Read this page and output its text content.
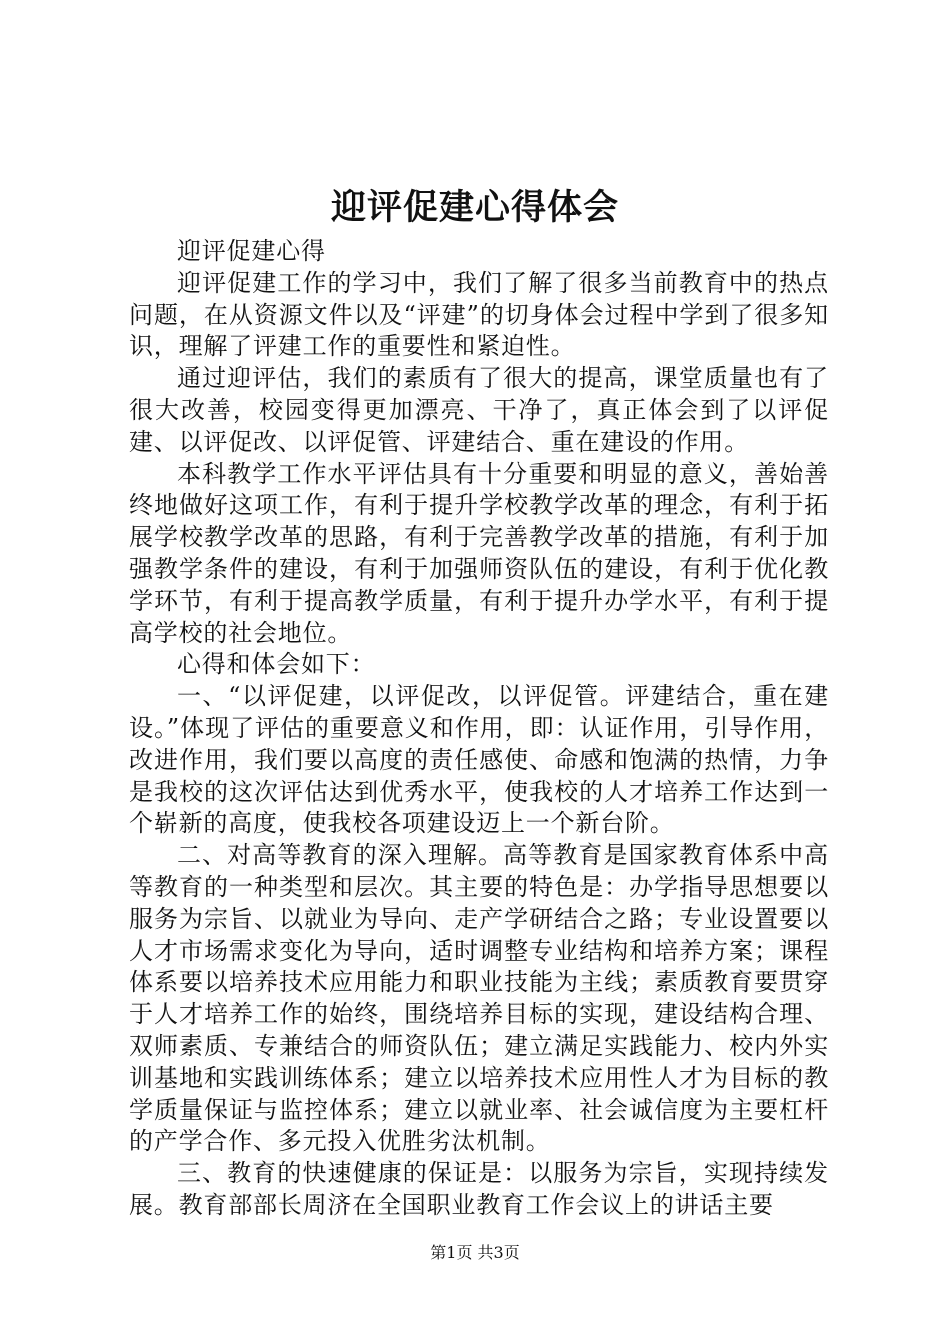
迎评促建心得体会

迎评促建心得

迎评促建工作的学习中，我们了解了很多当前教育中的热点问题，在从资源文件以及“评建”的切身体会过程中学到了很多知识，理解了评建工作的重要性和紧迫性。

通过迎评估，我们的素质有了很大的提高，课堂质量也有了很大改善，校园变得更加漂亮、干净了，真正体会到了以评促建、以评促改、以评促管、评建结合、重在建设的作用。

本科教学工作水平评估具有十分重要和明显的意义，善始善终地做好这项工作，有利于提升学校教学改革的理念，有利于拓展学校教学改革的思路，有利于完善教学改革的措施，有利于加强教学条件的建设，有利于加强师资队伍的建设，有利于优化教学环节，有利于提高教学质量，有利于提升办学水平，有利于提高学校的社会地位。

心得和体会如下：

一、“以评促建，以评促改，以评促管。评建结合，重在建设。”体现了评估的重要意义和作用，即：认证作用，引导作用，改进作用，我们要以高度的责任感使、命感和饱满的热情，力争是我校的这次评估达到优秀水平，使我校的人才培养工作达到一个崭新的高度，使我校各项建设迈上一个新台阶。

二、对高等教育的深入理解。高等教育是国家教育体系中高等教育的一种类型和层次。其主要的特色是：办学指导思想要以服务为宗旨、以就业为导向、走产学研结合之路；专业设置要以人才市场需求变化为导向，适时调整专业结构和培养方案；课程体系要以培养技术应用能力和职业技能为主线；素质教育要贯穿于人才培养工作的始终，围绕培养目标的实现，建设结构合理、双师素质、专兼结合的师资队伍；建立满足实践能力、校内外实训基地和实践训练体系；建立以培养技术应用性人才为目标的教学质量保证与监控体系；建立以就业率、社会诚信度为主要杠杆的产学合作、多元投入优胜劣汰机制。

三、教育的快速健康的保证是：以服务为宗旨，实现持续发展。教育部部长周济在全国职业教育工作会议上的讲话主要

第1页 共3页
